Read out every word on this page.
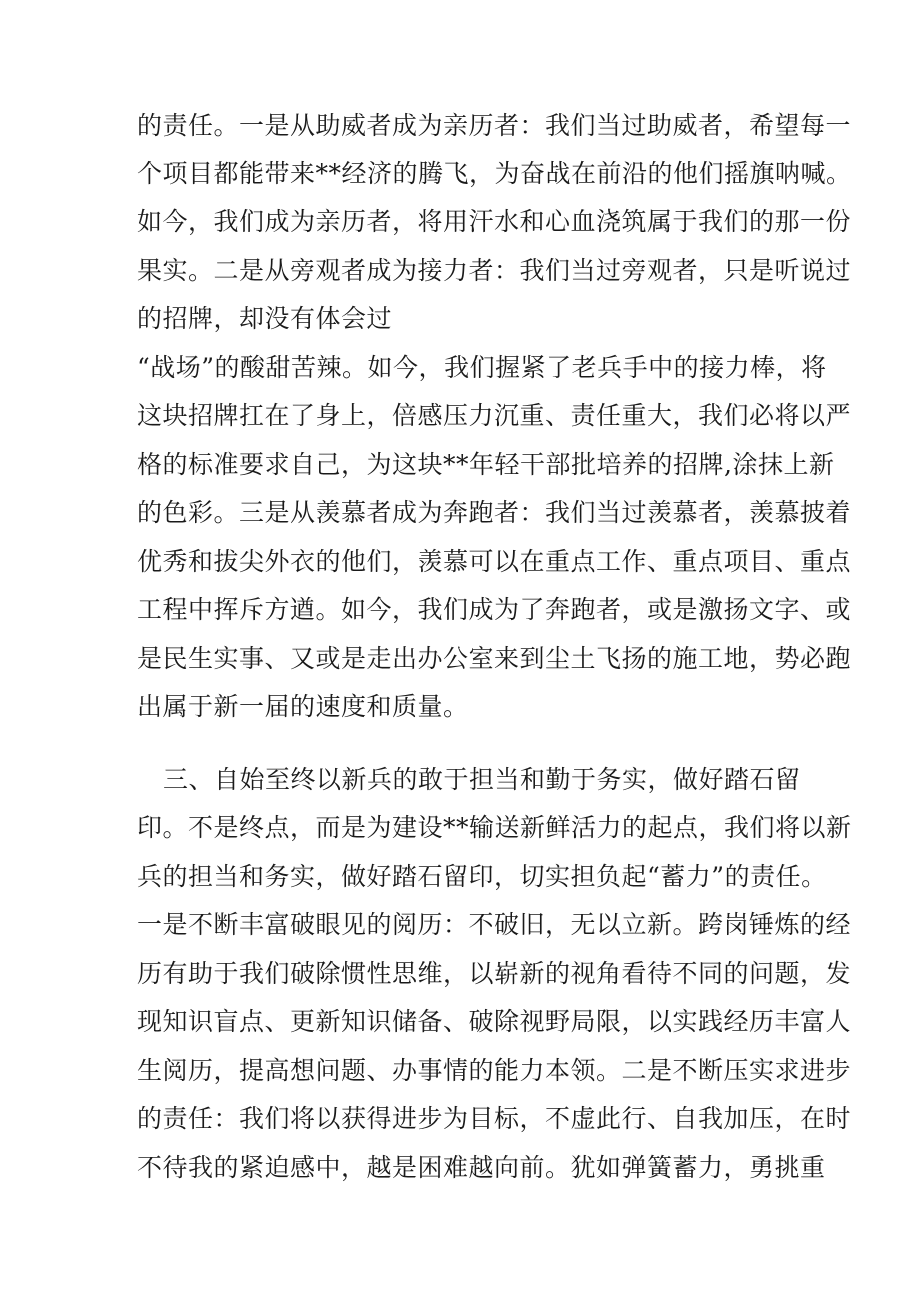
的责任。一是从助威者成为亲历者：我们当过助威者，希望每一
个项目都能带来**经济的腾飞，为奋战在前沿的他们摇旗呐喊。
如今，我们成为亲历者，将用汗水和心血浇筑属于我们的那一份
果实。二是从旁观者成为接力者：我们当过旁观者，只是听说过
的招牌，却没有体会过
“战场”的酸甜苦辣。如今，我们握紧了老兵手中的接力棒，将
这块招牌扛在了身上，倍感压力沉重、责任重大，我们必将以严
格的标准要求自己，为这块**年轻干部批培养的招牌,涂抹上新
的色彩。三是从羡慕者成为奔跑者：我们当过羡慕者，羡慕披着
优秀和拔尖外衣的他们，羡慕可以在重点工作、重点项目、重点
工程中挥斥方遒。如今，我们成为了奔跑者，或是激扬文字、或
是民生实事、又或是走出办公室来到尘土飞扬的施工地，势必跑
出属于新一届的速度和质量。
三、自始至终以新兵的敢于担当和勤于务实，做好踏石留
印。不是终点，而是为建设**输送新鲜活力的起点，我们将以新
兵的担当和务实，做好踏石留印，切实担负起“蓄力”的责任。
一是不断丰富破眼见的阅历：不破旧，无以立新。跨岗锤炼的经
历有助于我们破除惯性思维，以崭新的视角看待不同的问题，发
现知识盲点、更新知识储备、破除视野局限，以实践经历丰富人
生阅历，提高想问题、办事情的能力本领。二是不断压实求进步
的责任：我们将以获得进步为目标，不虚此行、自我加压，在时
不待我的紧迫感中，越是困难越向前。犹如弹簧蓄力，勇挑重
